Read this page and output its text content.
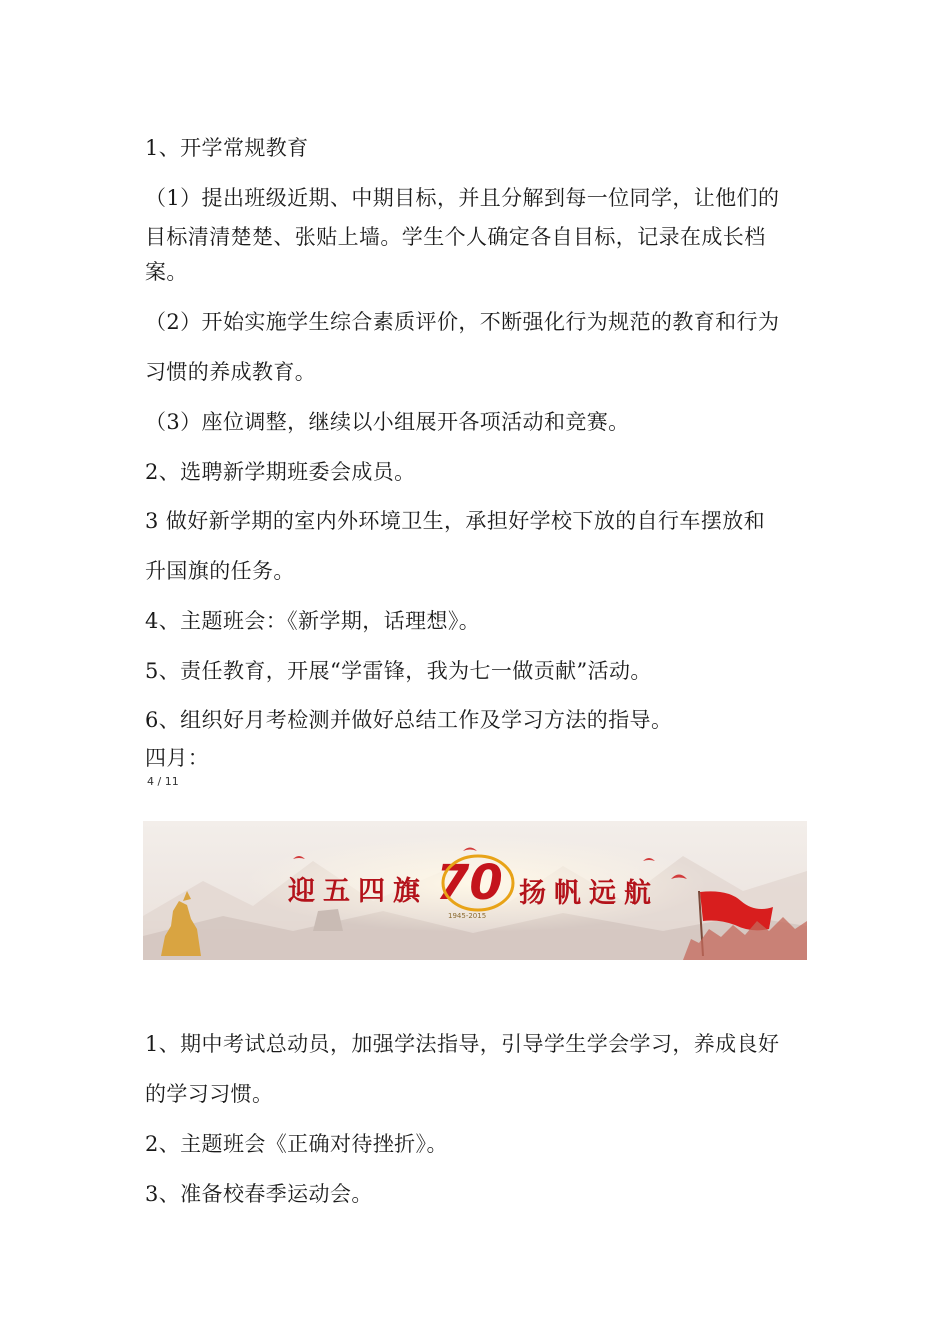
1、开学常规教育
（1）提出班级近期、中期目标，并且分解到每一位同学，让他们的
目标清清楚楚、张贴上墙。学生个人确定各自目标，记录在成长档
案。
（2）开始实施学生综合素质评价，不断强化行为规范的教育和行为
习惯的养成教育。
（3）座位调整，继续以小组展开各项活动和竞赛。
2、选聘新学期班委会成员。
3 做好新学期的室内外环境卫生，承担好学校下放的自行车摆放和
升国旗的任务。
4、主题班会：《新学期，话理想》。
5、责任教育，开展“学雷锋，我为七一做贡献”活动。
6、组织好月考检测并做好总结工作及学习方法的指导。
四月：
4 / 11
迎五四旗 70
1945-2015
扬帆远航
1、期中考试总动员，加强学法指导，引导学生学会学习，养成良好
的学习习惯。
2、主题班会《正确对待挫折》。
3、准备校春季运动会。
